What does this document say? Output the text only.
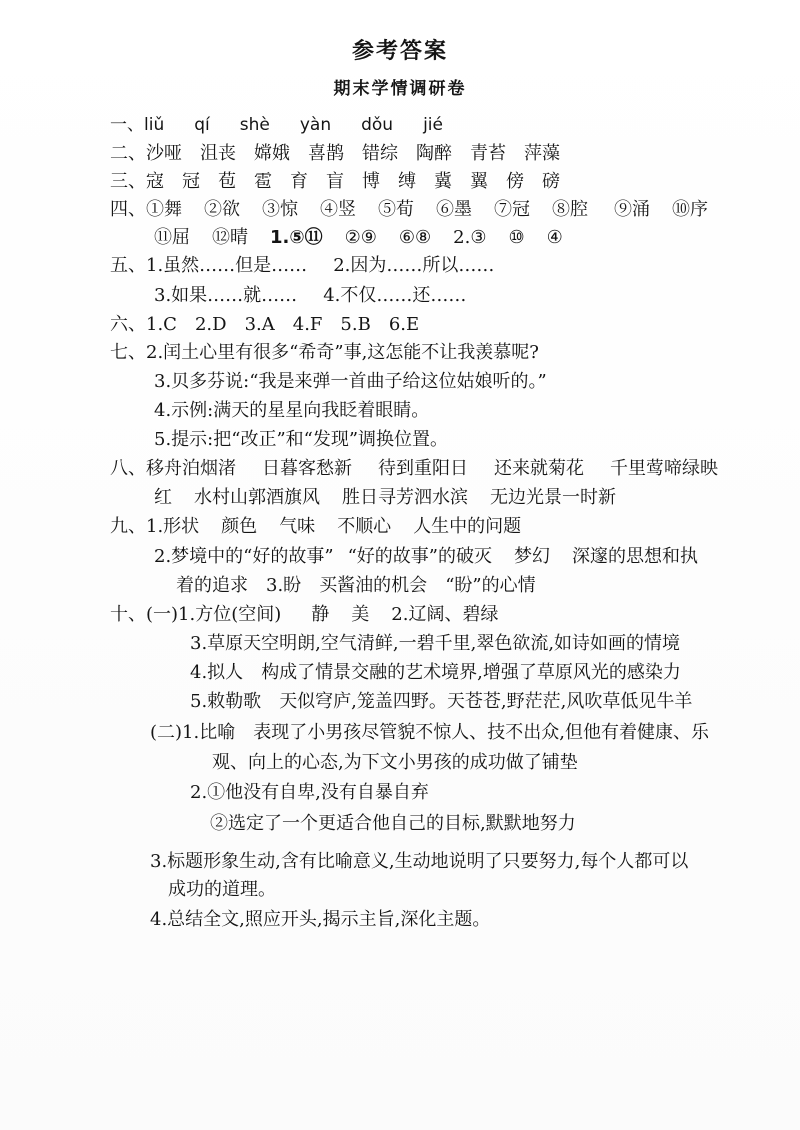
参考答案
期末学情调研卷
一、liǔ qí shè yàn dǒu jié
二、沙哑 沮丧 嫦娥 喜鹊 错综 陶醉 青苔 萍藻
三、寇 冠 苞 雹 育 盲 博 缚 冀 翼 傍 磅
四、①舞 ②欲 ③惊 ④竖 ⑤荀 ⑥墨 ⑦冠 ⑧腔 ⑨涌 ⑩序
⑪屈 ⑫晴 1.⑤⑪ ②⑨ ⑥⑧ 2.③ ⑩ ④
五、1.虽然……但是…… 2.因为……所以……
3.如果……就…… 4.不仅……还……
六、1.C 2.D 3.A 4.F 5.B 6.E
七、2.闰土心里有很多“希奇”事,这怎能不让我羡慕呢?
3.贝多芬说:“我是来弹一首曲子给这位姑娘听的。”
4.示例:满天的星星向我眨着眼睛。
5.提示:把“改正”和“发现”调换位置。
八、移舟泊烟渚 日暮客愁新 待到重阳日 还来就菊花 千里莺啼绿映
红 水村山郭酒旗风 胜日寻芳泗水滨 无边光景一时新
九、1.形状 颜色 气味 不顺心 人生中的问题
2.梦境中的“好的故事” “好的故事”的破灭 梦幻 深邃的思想和执
着的追求 3.盼 买酱油的机会 “盼”的心情
十、(一)1.方位(空间) 静 美 2.辽阔、碧绿
3.草原天空明朗,空气清鲜,一碧千里,翠色欲流,如诗如画的情境
4.拟人 构成了情景交融的艺术境界,增强了草原风光的感染力
5.敕勒歌 天似穹庐,笼盖四野。天苍苍,野茫茫,风吹草低见牛羊
(二)1.比喻 表现了小男孩尽管貌不惊人、技不出众,但他有着健康、乐
观、向上的心态,为下文小男孩的成功做了铺垫
2.①他没有自卑,没有自暴自弃
②选定了一个更适合他自己的目标,默默地努力
3.标题形象生动,含有比喻意义,生动地说明了只要努力,每个人都可以
成功的道理。
4.总结全文,照应开头,揭示主旨,深化主题。
